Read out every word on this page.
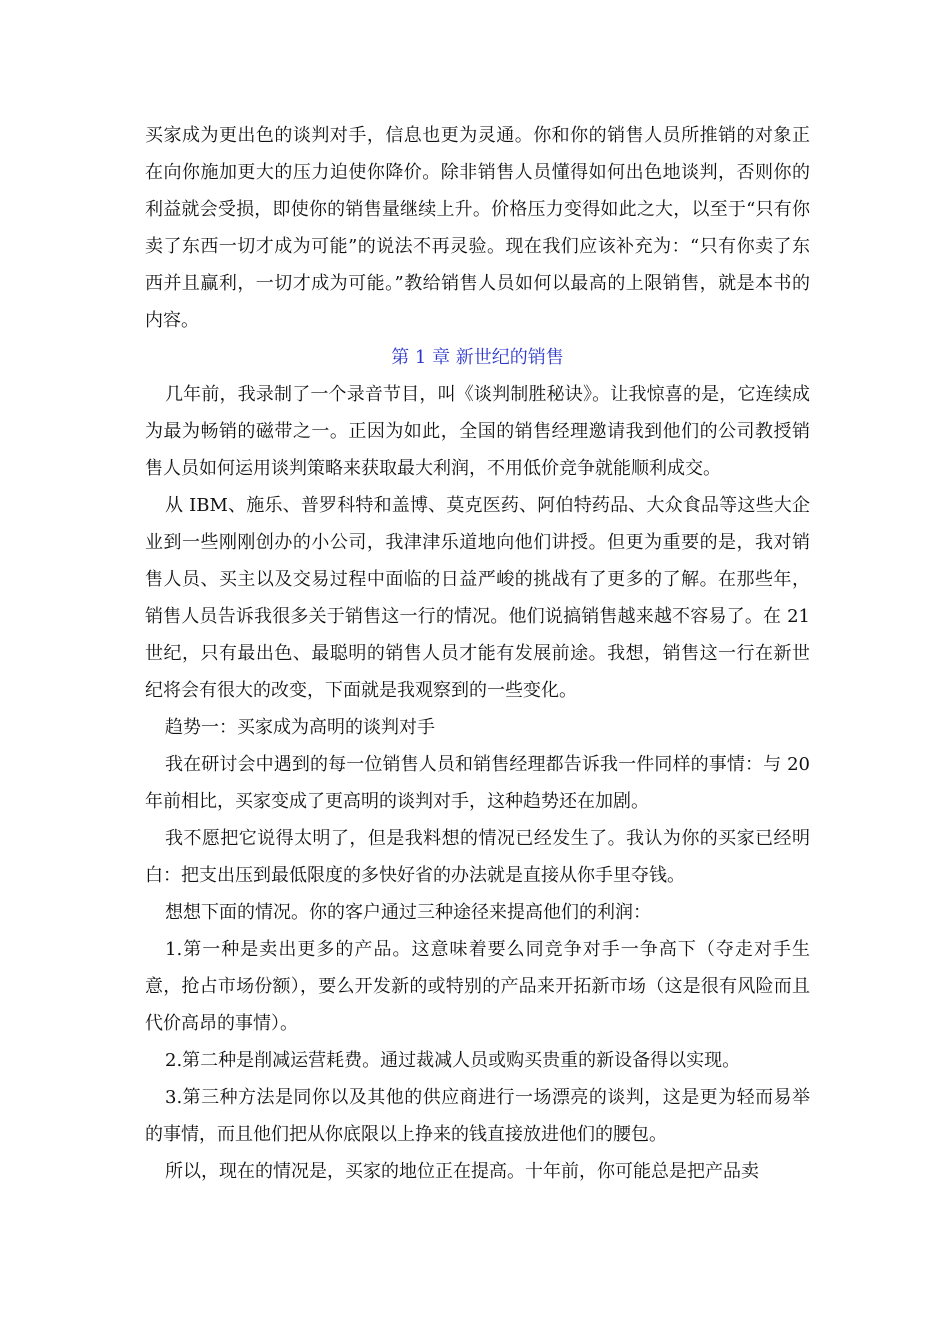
买家成为更出色的谈判对手，信息也更为灵通。你和你的销售人员所推销的对象正在向你施加更大的压力迫使你降价。除非销售人员懂得如何出色地谈判，否则你的利益就会受损，即使你的销售量继续上升。价格压力变得如此之大，以至于“只有你卖了东西一切才成为可能”的说法不再灵验。现在我们应该补充为：“只有你卖了东西并且赢利，一切才成为可能。”教给销售人员如何以最高的上限销售，就是本书的内容。

第 1 章 新世纪的销售

几年前，我录制了一个录音节目，叫《谈判制胜秘诀》。让我惊喜的是，它连续成为最为畅销的磁带之一。正因为如此，全国的销售经理邀请我到他们的公司教授销售人员如何运用谈判策略来获取最大利润，不用低价竞争就能顺利成交。

从 IBM、施乐、普罗科特和盖博、莫克医药、阿伯特药品、大众食品等这些大企业到一些刚刚创办的小公司，我津津乐道地向他们讲授。但更为重要的是，我对销售人员、买主以及交易过程中面临的日益严峻的挑战有了更多的了解。在那些年，销售人员告诉我很多关于销售这一行的情况。他们说搞销售越来越不容易了。在 21 世纪，只有最出色、最聪明的销售人员才能有发展前途。我想，销售这一行在新世纪将会有很大的改变，下面就是我观察到的一些变化。

趋势一：买家成为高明的谈判对手

我在研讨会中遇到的每一位销售人员和销售经理都告诉我一件同样的事情：与 20 年前相比，买家变成了更高明的谈判对手，这种趋势还在加剧。

我不愿把它说得太明了，但是我料想的情况已经发生了。我认为你的买家已经明白：把支出压到最低限度的多快好省的办法就是直接从你手里夺钱。

想想下面的情况。你的客户通过三种途径来提高他们的利润：

1.第一种是卖出更多的产品。这意味着要么同竞争对手一争高下（夺走对手生意，抢占市场份额），要么开发新的或特别的产品来开拓新市场（这是很有风险而且代价高昂的事情）。

2.第二种是削减运营耗费。通过裁减人员或购买贵重的新设备得以实现。

3.第三种方法是同你以及其他的供应商进行一场漂亮的谈判，这是更为轻而易举的事情，而且他们把从你底限以上挣来的钱直接放进他们的腰包。

所以，现在的情况是，买家的地位正在提高。十年前，你可能总是把产品卖
